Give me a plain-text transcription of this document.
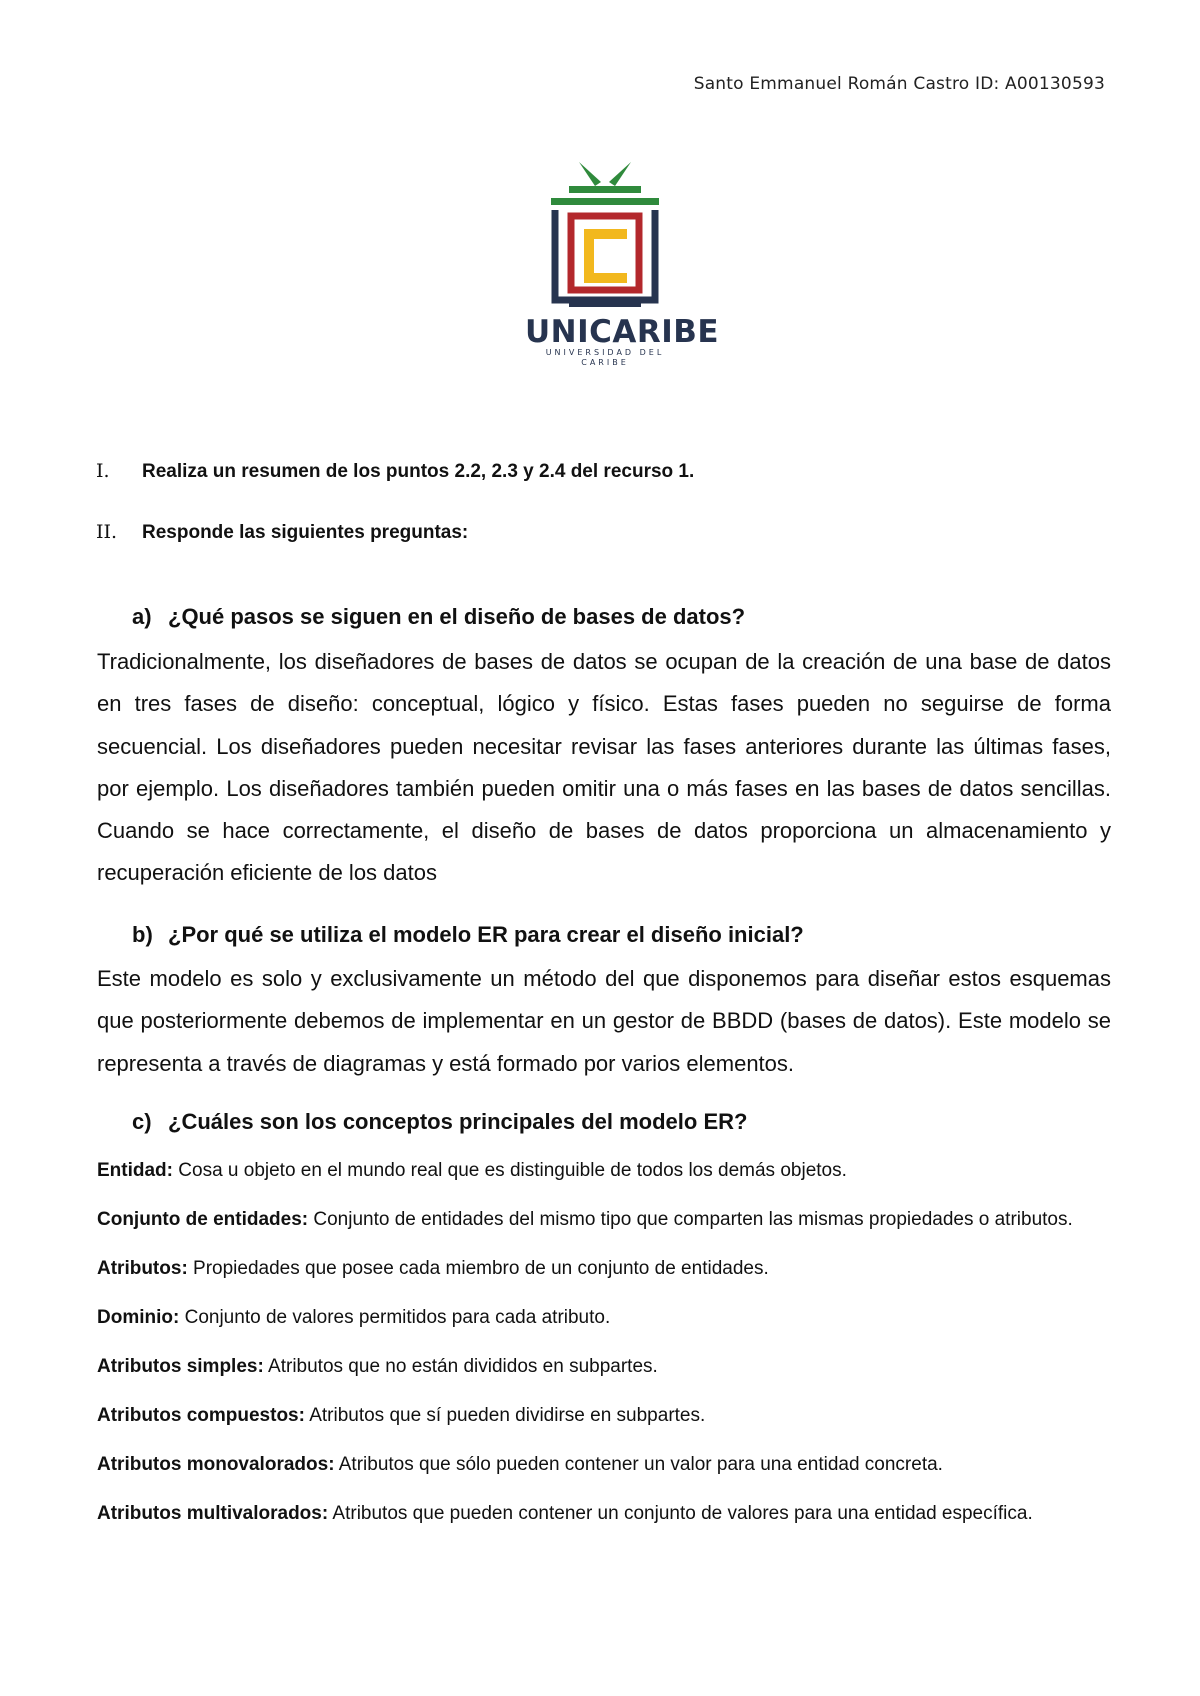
Santo Emmanuel Román Castro ID: A00130593
UNICARIBE
UNIVERSIDAD DEL CARIBE
I. Realiza un resumen de los puntos 2.2, 2.3 y 2.4 del recurso 1.
II. Responde las siguientes preguntas:
a) ¿Qué pasos se siguen en el diseño de bases de datos?

Tradicionalmente, los diseñadores de bases de datos se ocupan de la creación de una base de datos en tres fases de diseño: conceptual, lógico y físico. Estas fases pueden no seguirse de forma secuencial. Los diseñadores pueden necesitar revisar las fases anteriores durante las últimas fases, por ejemplo. Los diseñadores también pueden omitir una o más fases en las bases de datos sencillas. Cuando se hace correctamente, el diseño de bases de datos proporciona un almacenamiento y recuperación eficiente de los datos

b) ¿Por qué se utiliza el modelo ER para crear el diseño inicial?

Este modelo es solo y exclusivamente un método del que disponemos para diseñar estos esquemas que posteriormente debemos de implementar en un gestor de BBDD (bases de datos). Este modelo se representa a través de diagramas y está formado por varios elementos.

c) ¿Cuáles son los conceptos principales del modelo ER?

Entidad: Cosa u objeto en el mundo real que es distinguible de todos los demás objetos.

Conjunto de entidades: Conjunto de entidades del mismo tipo que comparten las mismas propiedades o atributos.

Atributos: Propiedades que posee cada miembro de un conjunto de entidades.

Dominio: Conjunto de valores permitidos para cada atributo.

Atributos simples: Atributos que no están divididos en subpartes.

Atributos compuestos: Atributos que sí pueden dividirse en subpartes.

Atributos monovalorados: Atributos que sólo pueden contener un valor para una entidad concreta.

Atributos multivalorados: Atributos que pueden contener un conjunto de valores para una entidad específica.
